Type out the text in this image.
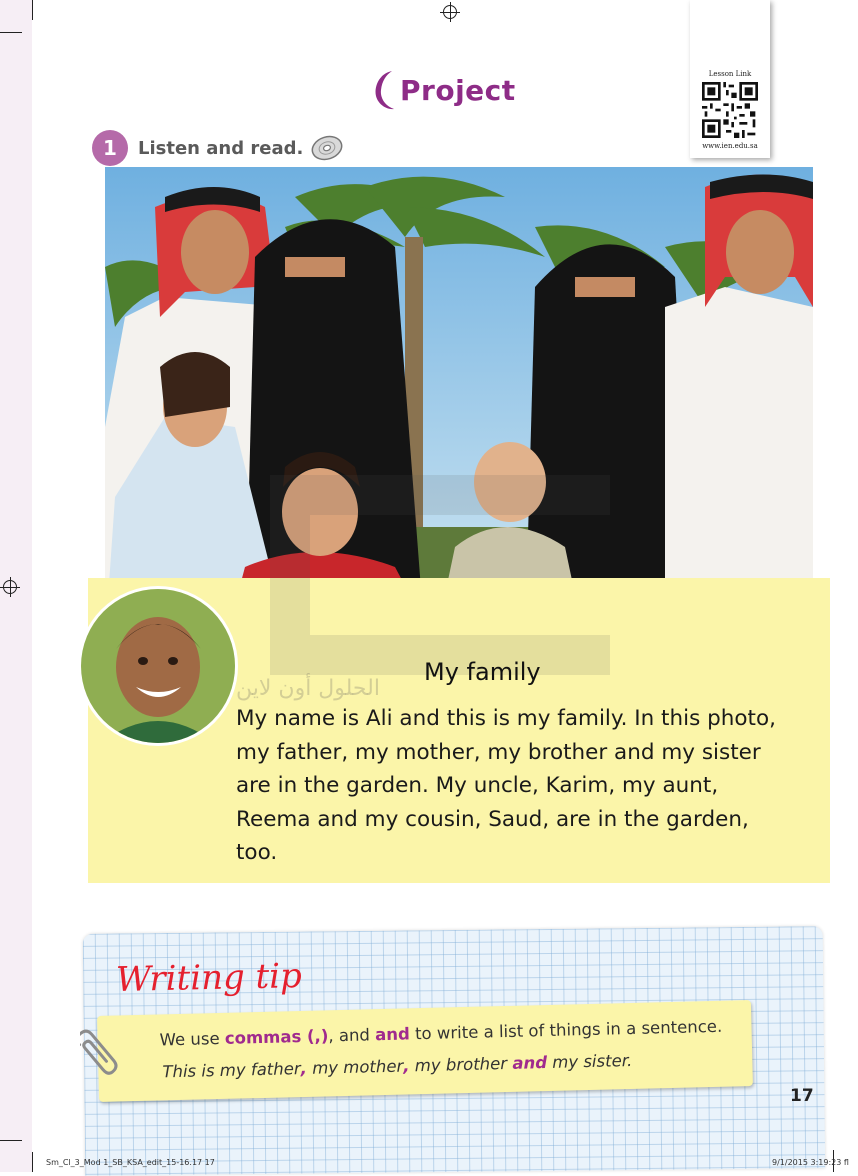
Lesson Link
www.ien.edu.sa
Project
1	Listen and read.
الحلول أون لاين
My family

My name is Ali and this is my family. In this photo, my father, my mother, my brother and my sister are in the garden. My uncle, Karim, my aunt, Reema and my cousin, Saud, are in the garden, too.

Writing tip
We use commas (,), and and to write a list of things in a sentence.
This is my father, my mother, my brother and my sister.
17
Sm_Cl_3_Mod 1_SB_KSA_edit_15-16.17 17	9/1/2015 3:19:23 fl
